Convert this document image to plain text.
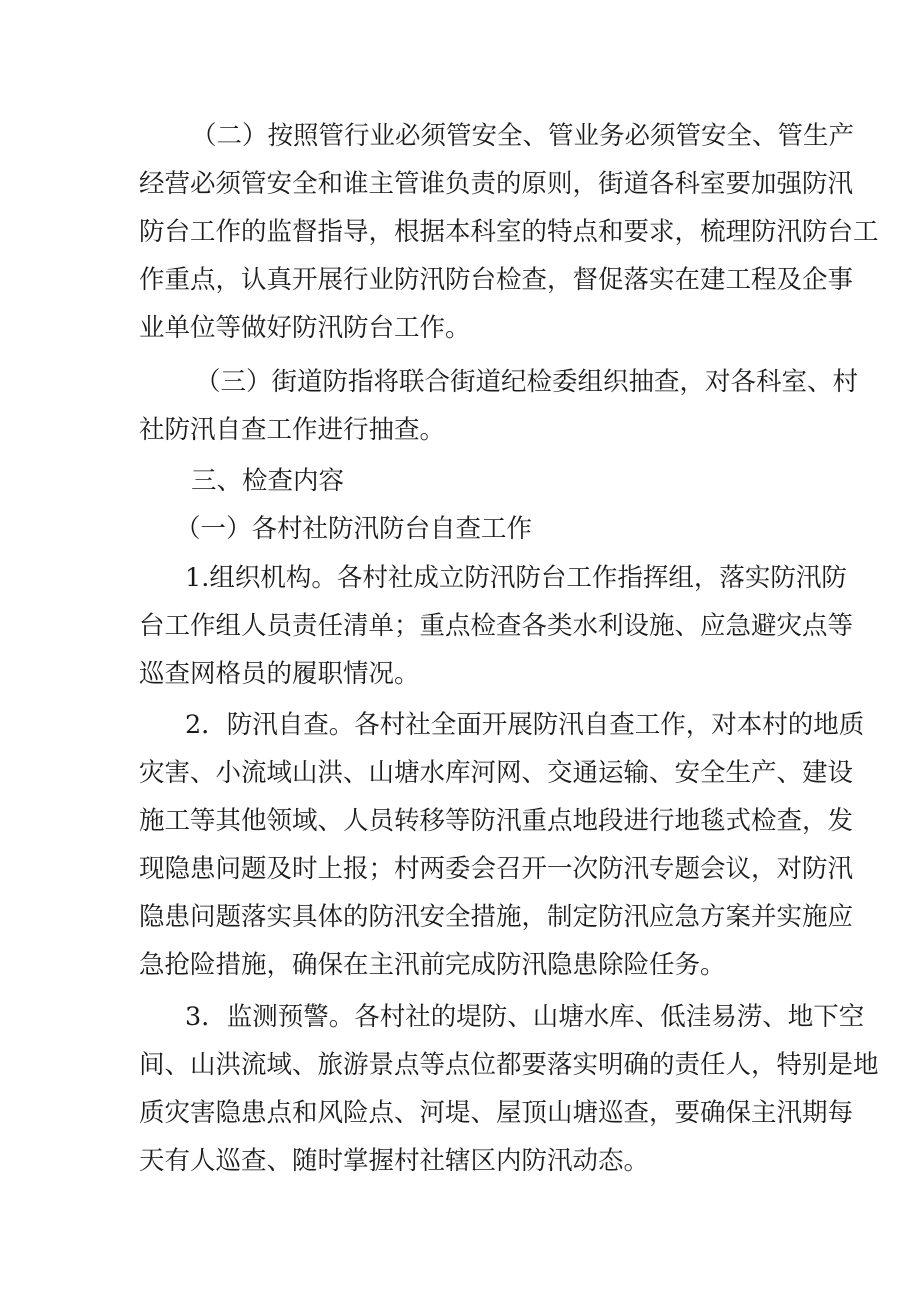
（二）按照管行业必须管安全、管业务必须管安全、管生产
经营必须管安全和谁主管谁负责的原则，街道各科室要加强防汛
防台工作的监督指导，根据本科室的特点和要求，梳理防汛防台工
作重点，认真开展行业防汛防台检查，督促落实在建工程及企事
业单位等做好防汛防台工作。
（三）街道防指将联合街道纪检委组织抽查，对各科室、村
社防汛自查工作进行抽查。
三、检查内容
（一）各村社防汛防台自查工作
1.组织机构。各村社成立防汛防台工作指挥组，落实防汛防
台工作组人员责任清单；重点检查各类水利设施、应急避灾点等
巡查网格员的履职情况。
2．防汛自查。各村社全面开展防汛自查工作，对本村的地质
灾害、小流域山洪、山塘水库河网、交通运输、安全生产、建设
施工等其他领域、人员转移等防汛重点地段进行地毯式检查，发
现隐患问题及时上报；村两委会召开一次防汛专题会议，对防汛
隐患问题落实具体的防汛安全措施，制定防汛应急方案并实施应
急抢险措施，确保在主汛前完成防汛隐患除险任务。
3．监测预警。各村社的堤防、山塘水库、低洼易涝、地下空
间、山洪流域、旅游景点等点位都要落实明确的责任人，特别是地
质灾害隐患点和风险点、河堤、屋顶山塘巡查，要确保主汛期每
天有人巡查、随时掌握村社辖区内防汛动态。
